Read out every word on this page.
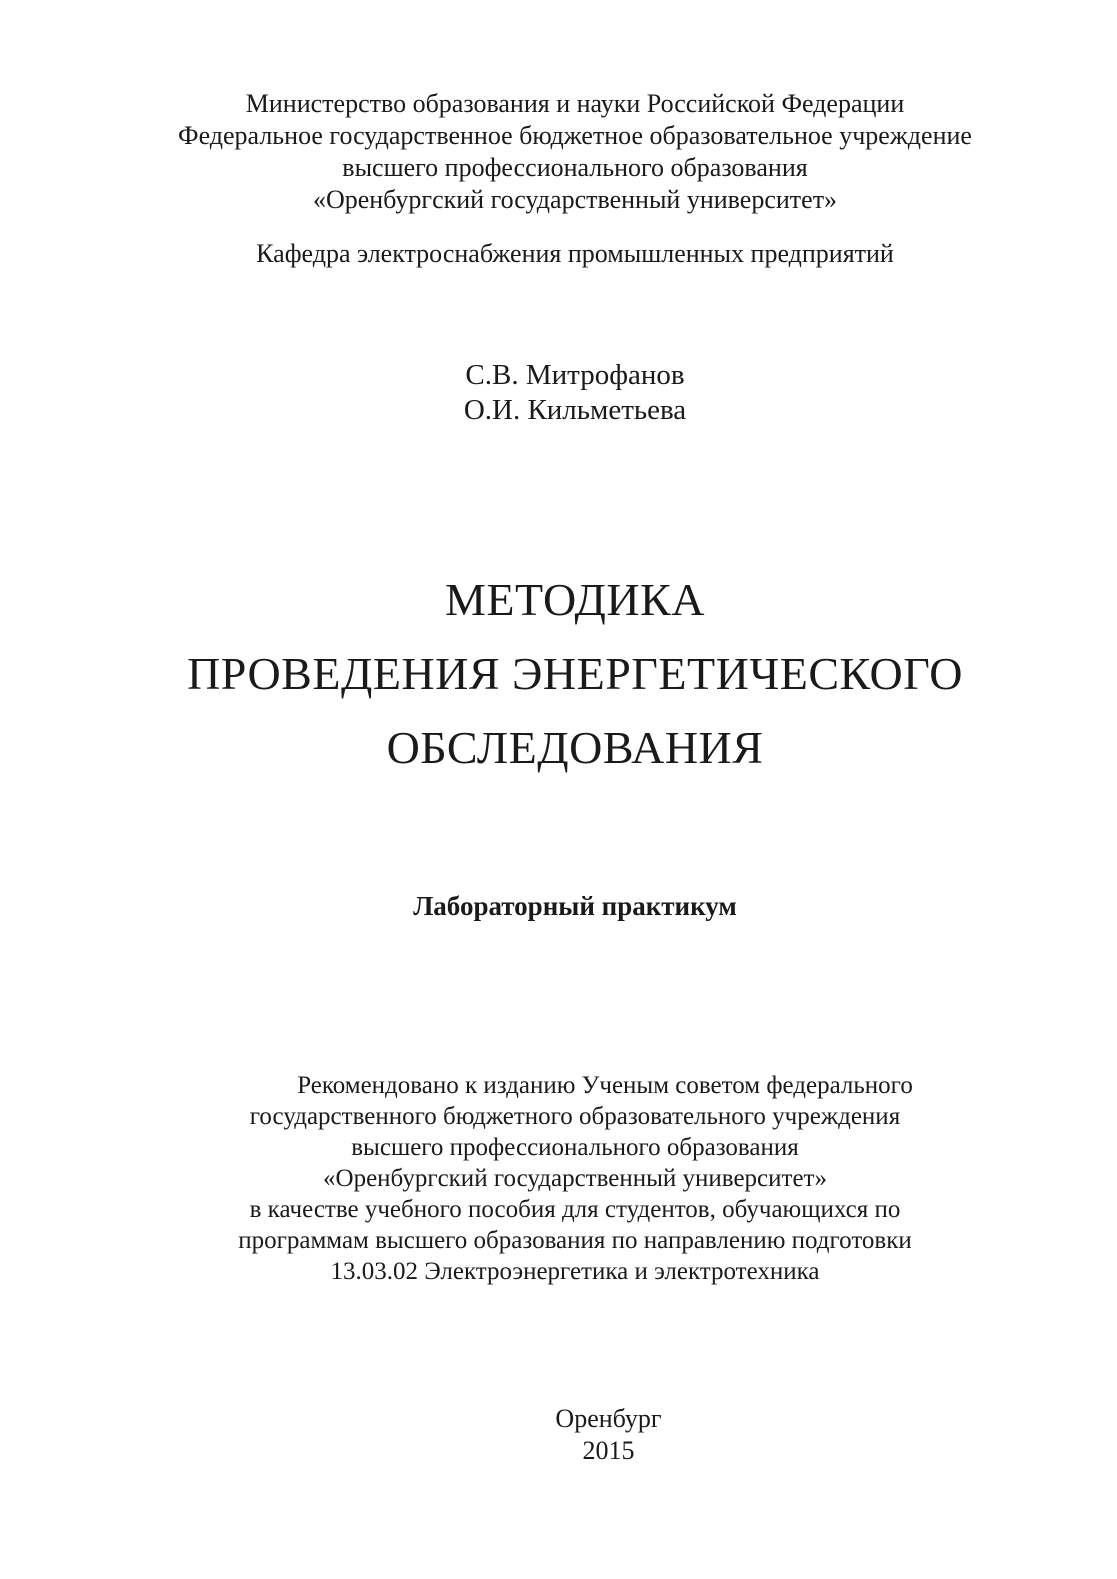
Министерство образования и науки Российской Федерации
Федеральное государственное бюджетное образовательное учреждение
высшего профессионального образования
«Оренбургский государственный университет»
Кафедра электроснабжения промышленных предприятий
С.В. Митрофанов
О.И. Кильметьева
МЕТОДИКА
ПРОВЕДЕНИЯ ЭНЕРГЕТИЧЕСКОГО
ОБСЛЕДОВАНИЯ
Лабораторный практикум
Рекомендовано к изданию Ученым советом федерального
государственного бюджетного образовательного учреждения
высшего профессионального образования
«Оренбургский государственный университет»
в качестве учебного пособия для студентов, обучающихся по
программам высшего образования по направлению подготовки
13.03.02 Электроэнергетика и электротехника
Оренбург
2015
